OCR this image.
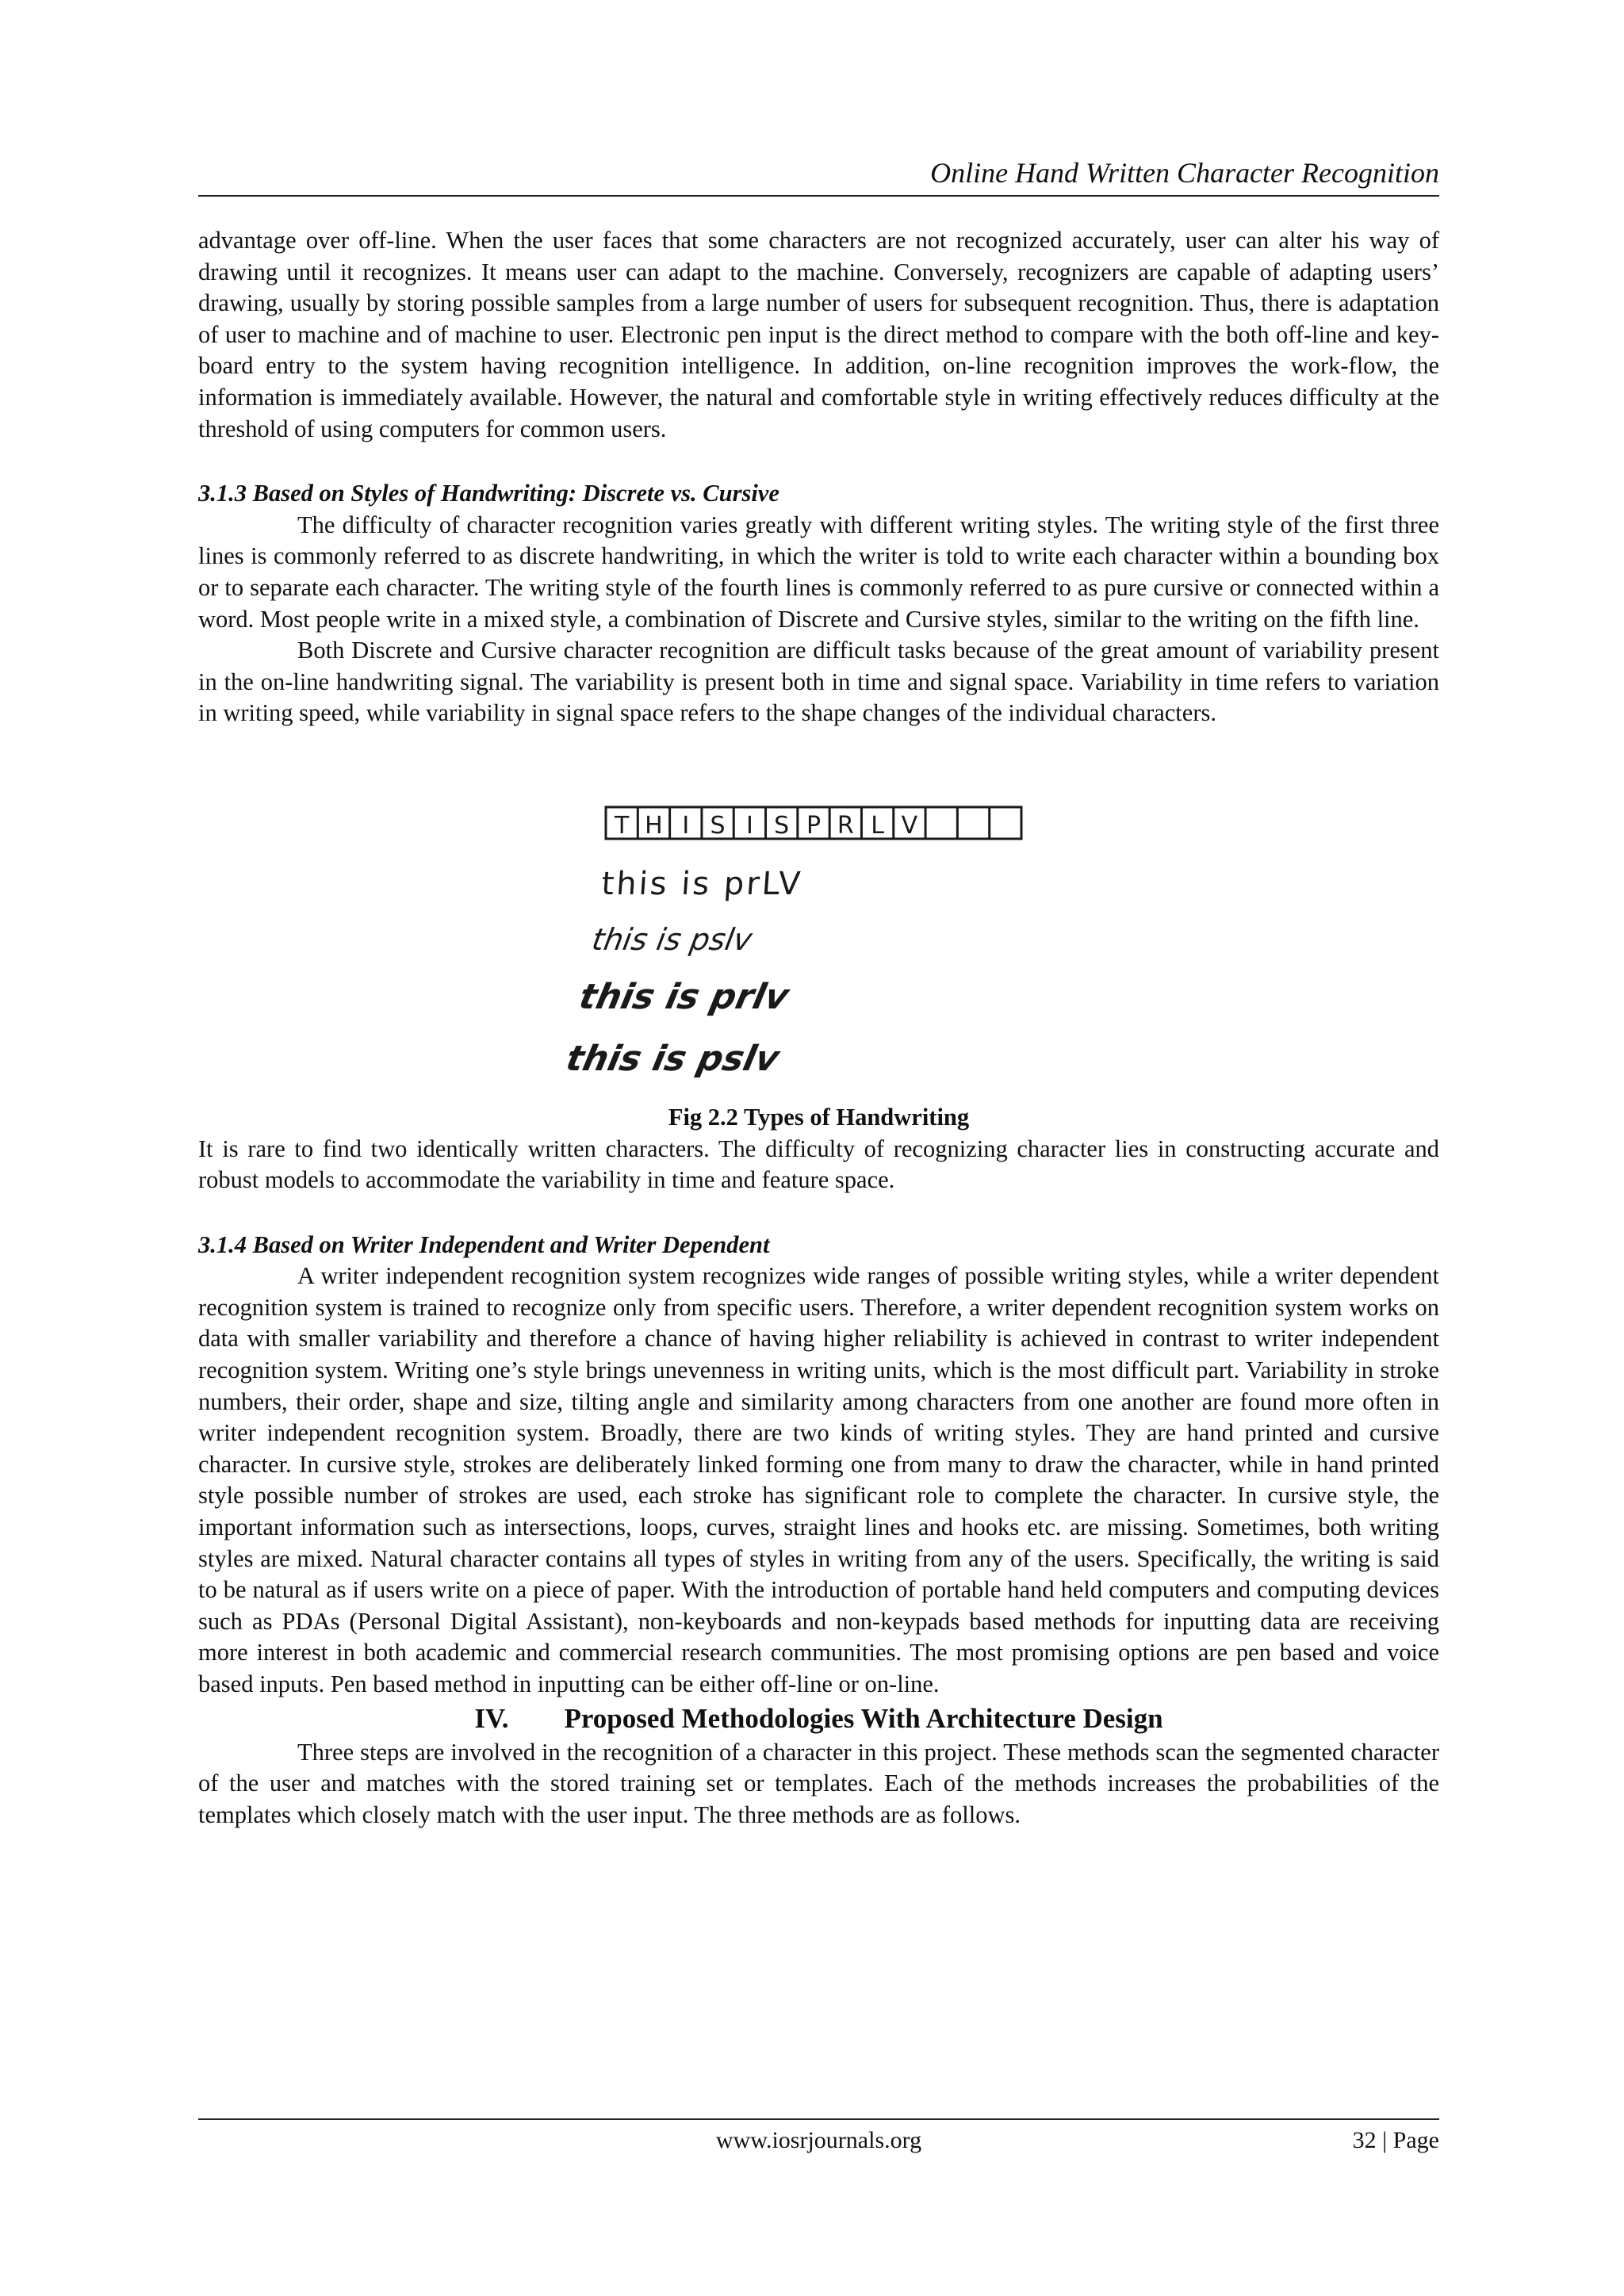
Online Hand Written Character Recognition

advantage over off-line. When the user faces that some characters are not recognized accurately, user can alter his way of drawing until it recognizes. It means user can adapt to the machine. Conversely, recognizers are capable of adapting users’ drawing, usually by storing possible samples from a large number of users for subsequent recognition. Thus, there is adaptation of user to machine and of machine to user. Electronic pen input is the direct method to compare with the both off-line and key-board entry to the system having recognition intelligence. In addition, on-line recognition improves the work-flow, the information is immediately available. However, the natural and comfortable style in writing effectively reduces difficulty at the threshold of using computers for common users.

3.1.3 Based on Styles of Handwriting: Discrete vs. Cursive

The difficulty of character recognition varies greatly with different writing styles. The writing style of the first three lines is commonly referred to as discrete handwriting, in which the writer is told to write each character within a bounding box or to separate each character. The writing style of the fourth lines is commonly referred to as pure cursive or connected within a word. Most people write in a mixed style, a combination of Discrete and Cursive styles, similar to the writing on the fifth line.

Both Discrete and Cursive character recognition are difficult tasks because of the great amount of variability present in the on-line handwriting signal. The variability is present both in time and signal space. Variability in time refers to variation in writing speed, while variability in signal space refers to the shape changes of the individual characters.

T H I S I S P R L V
this is prLV
this is pslv
this is prlv
this is pslv

Fig 2.2 Types of Handwriting

It is rare to find two identically written characters. The difficulty of recognizing character lies in constructing accurate and robust models to accommodate the variability in time and feature space.

3.1.4 Based on Writer Independent and Writer Dependent

A writer independent recognition system recognizes wide ranges of possible writing styles, while a writer dependent recognition system is trained to recognize only from specific users. Therefore, a writer dependent recognition system works on data with smaller variability and therefore a chance of having higher reliability is achieved in contrast to writer independent recognition system. Writing one’s style brings unevenness in writing units, which is the most difficult part. Variability in stroke numbers, their order, shape and size, tilting angle and similarity among characters from one another are found more often in writer independent recognition system. Broadly, there are two kinds of writing styles. They are hand printed and cursive character. In cursive style, strokes are deliberately linked forming one from many to draw the character, while in hand printed style possible number of strokes are used, each stroke has significant role to complete the character. In cursive style, the important information such as intersections, loops, curves, straight lines and hooks etc. are missing. Sometimes, both writing styles are mixed. Natural character contains all types of styles in writing from any of the users. Specifically, the writing is said to be natural as if users write on a piece of paper. With the introduction of portable hand held computers and computing devices such as PDAs (Personal Digital Assistant), non-keyboards and non-keypads based methods for inputting data are receiving more interest in both academic and commercial research communities. The most promising options are pen based and voice based inputs. Pen based method in inputting can be either off-line or on-line.

IV. Proposed Methodologies With Architecture Design

Three steps are involved in the recognition of a character in this project. These methods scan the segmented character of the user and matches with the stored training set or templates. Each of the methods increases the probabilities of the templates which closely match with the user input. The three methods are as follows.

www.iosrjournals.org	32 | Page
